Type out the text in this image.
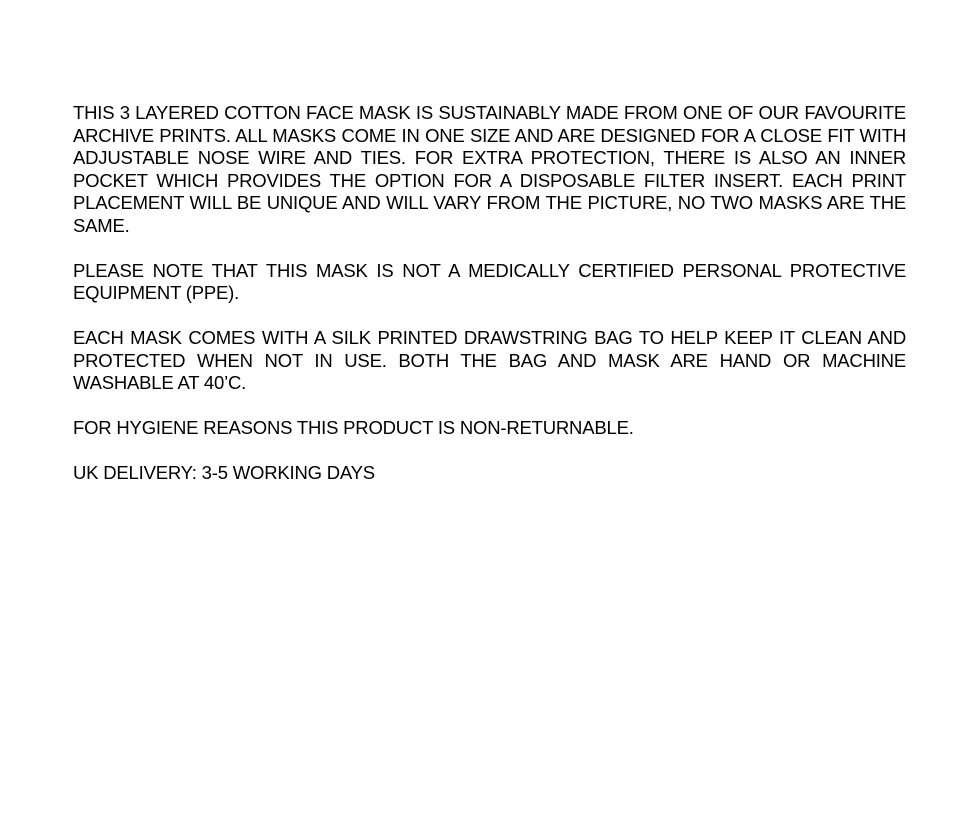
THIS 3 LAYERED COTTON FACE MASK IS SUSTAINABLY MADE FROM ONE OF OUR FAVOURITE ARCHIVE PRINTS. ALL MASKS COME IN ONE SIZE AND ARE DESIGNED FOR A CLOSE FIT WITH ADJUSTABLE NOSE WIRE AND TIES. FOR EXTRA PROTECTION, THERE IS ALSO AN INNER POCKET WHICH PROVIDES THE OPTION FOR A DISPOSABLE FILTER INSERT. EACH PRINT PLACEMENT WILL BE UNIQUE AND WILL VARY FROM THE PICTURE, NO TWO MASKS ARE THE SAME.

PLEASE NOTE THAT THIS MASK IS NOT A MEDICALLY CERTIFIED PERSONAL PROTECTIVE EQUIPMENT (PPE).

EACH MASK COMES WITH A SILK PRINTED DRAWSTRING BAG TO HELP KEEP IT CLEAN AND PROTECTED WHEN NOT IN USE. BOTH THE BAG AND MASK ARE HAND OR MACHINE WASHABLE AT 40’C.

FOR HYGIENE REASONS THIS PRODUCT IS NON-RETURNABLE.

UK DELIVERY: 3-5 WORKING DAYS
